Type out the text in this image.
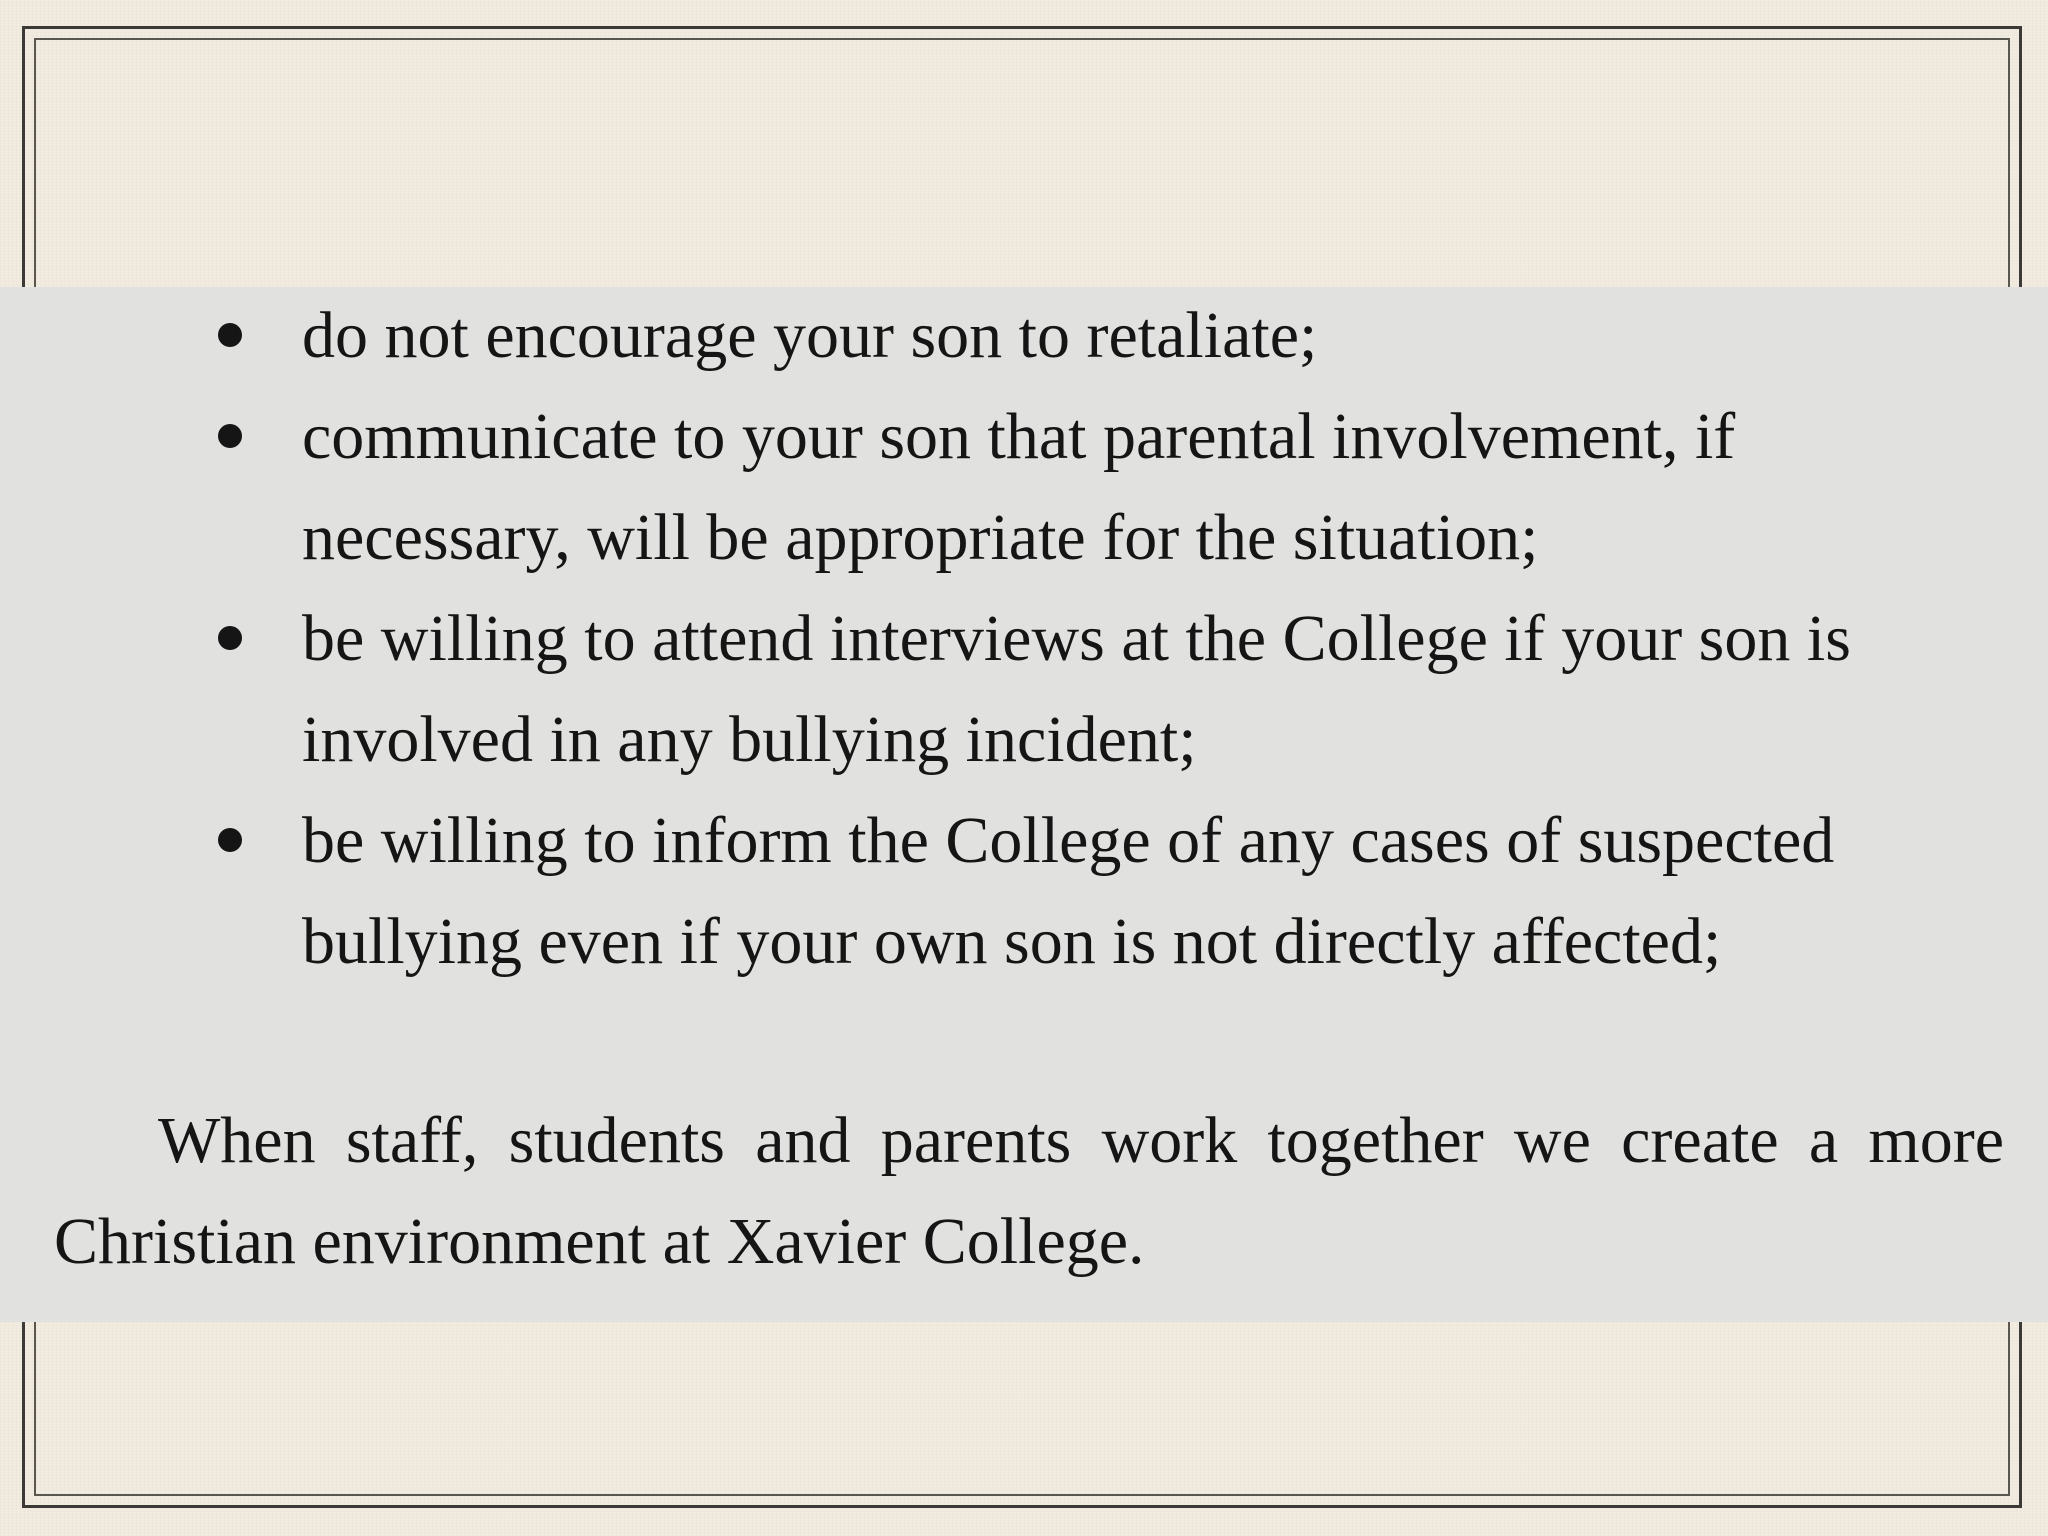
do not encourage your son to retaliate;
communicate to your son that parental involvement, if necessary, will be appropriate for the situation;
be willing to attend interviews at the College if your son is involved in any bullying incident;
be willing to inform the College of any cases of suspected bullying even if your own son is not directly affected;

When staff, students and parents work together we create a more Christian environment at Xavier College.
